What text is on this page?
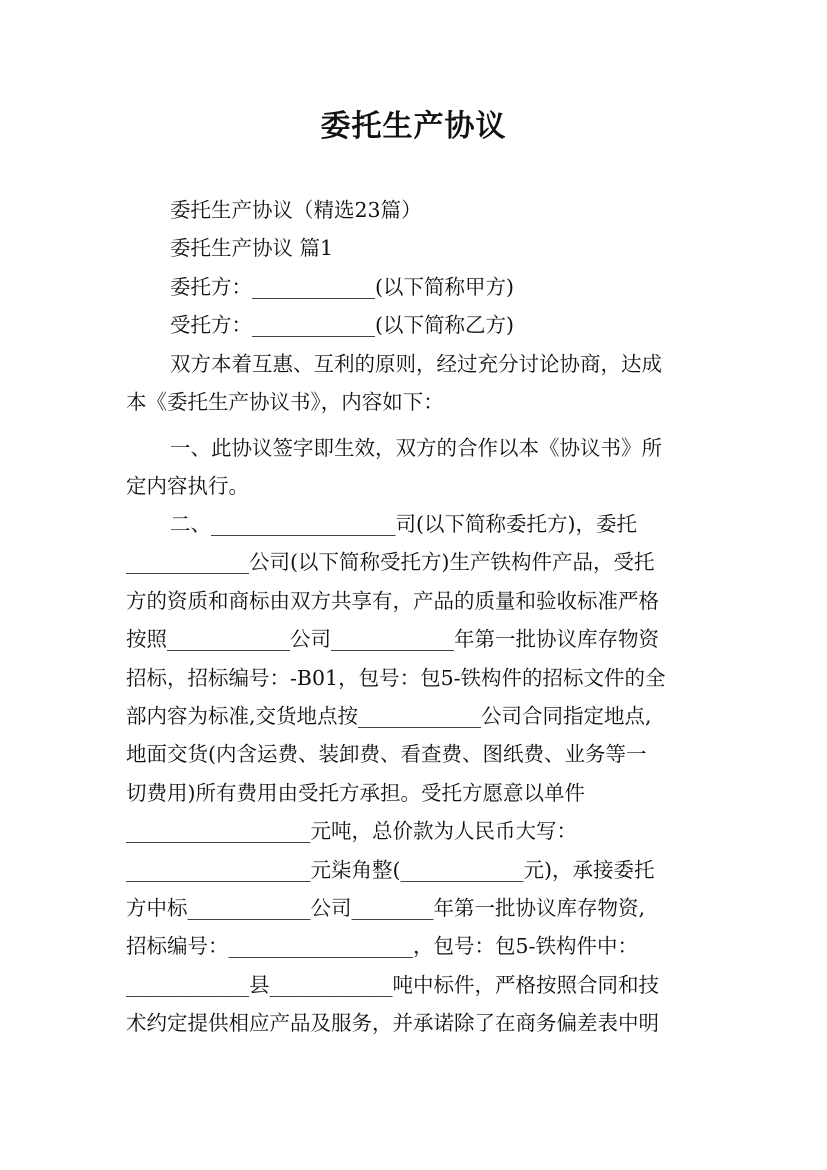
委托生产协议
委托生产协议（精选23篇）
委托生产协议 篇1
委托方：____________(以下简称甲方)
受托方：____________(以下简称乙方)
双方本着互惠、互利的原则，经过充分讨论协商，达成
本《委托生产协议书》，内容如下：
一、此协议签字即生效，双方的合作以本《协议书》所
定内容执行。
二、__________________司(以下简称委托方)，委托
____________公司(以下简称受托方)生产铁构件产品，受托
方的资质和商标由双方共享有，产品的质量和验收标准严格
按照____________公司____________年第一批协议库存物资
招标，招标编号：-B01，包号：包5-铁构件的招标文件的全
部内容为标准,交货地点按____________公司合同指定地点,
地面交货(内含运费、装卸费、看查费、图纸费、业务等一
切费用)所有费用由受托方承担。受托方愿意以单件
__________________元吨，总价款为人民币大写：
__________________元柒角整(____________元)，承接委托
方中标____________公司________年第一批协议库存物资,
招标编号：__________________，包号：包5-铁构件中：
____________县____________吨中标件，严格按照合同和技
术约定提供相应产品及服务，并承诺除了在商务偏差表中明
